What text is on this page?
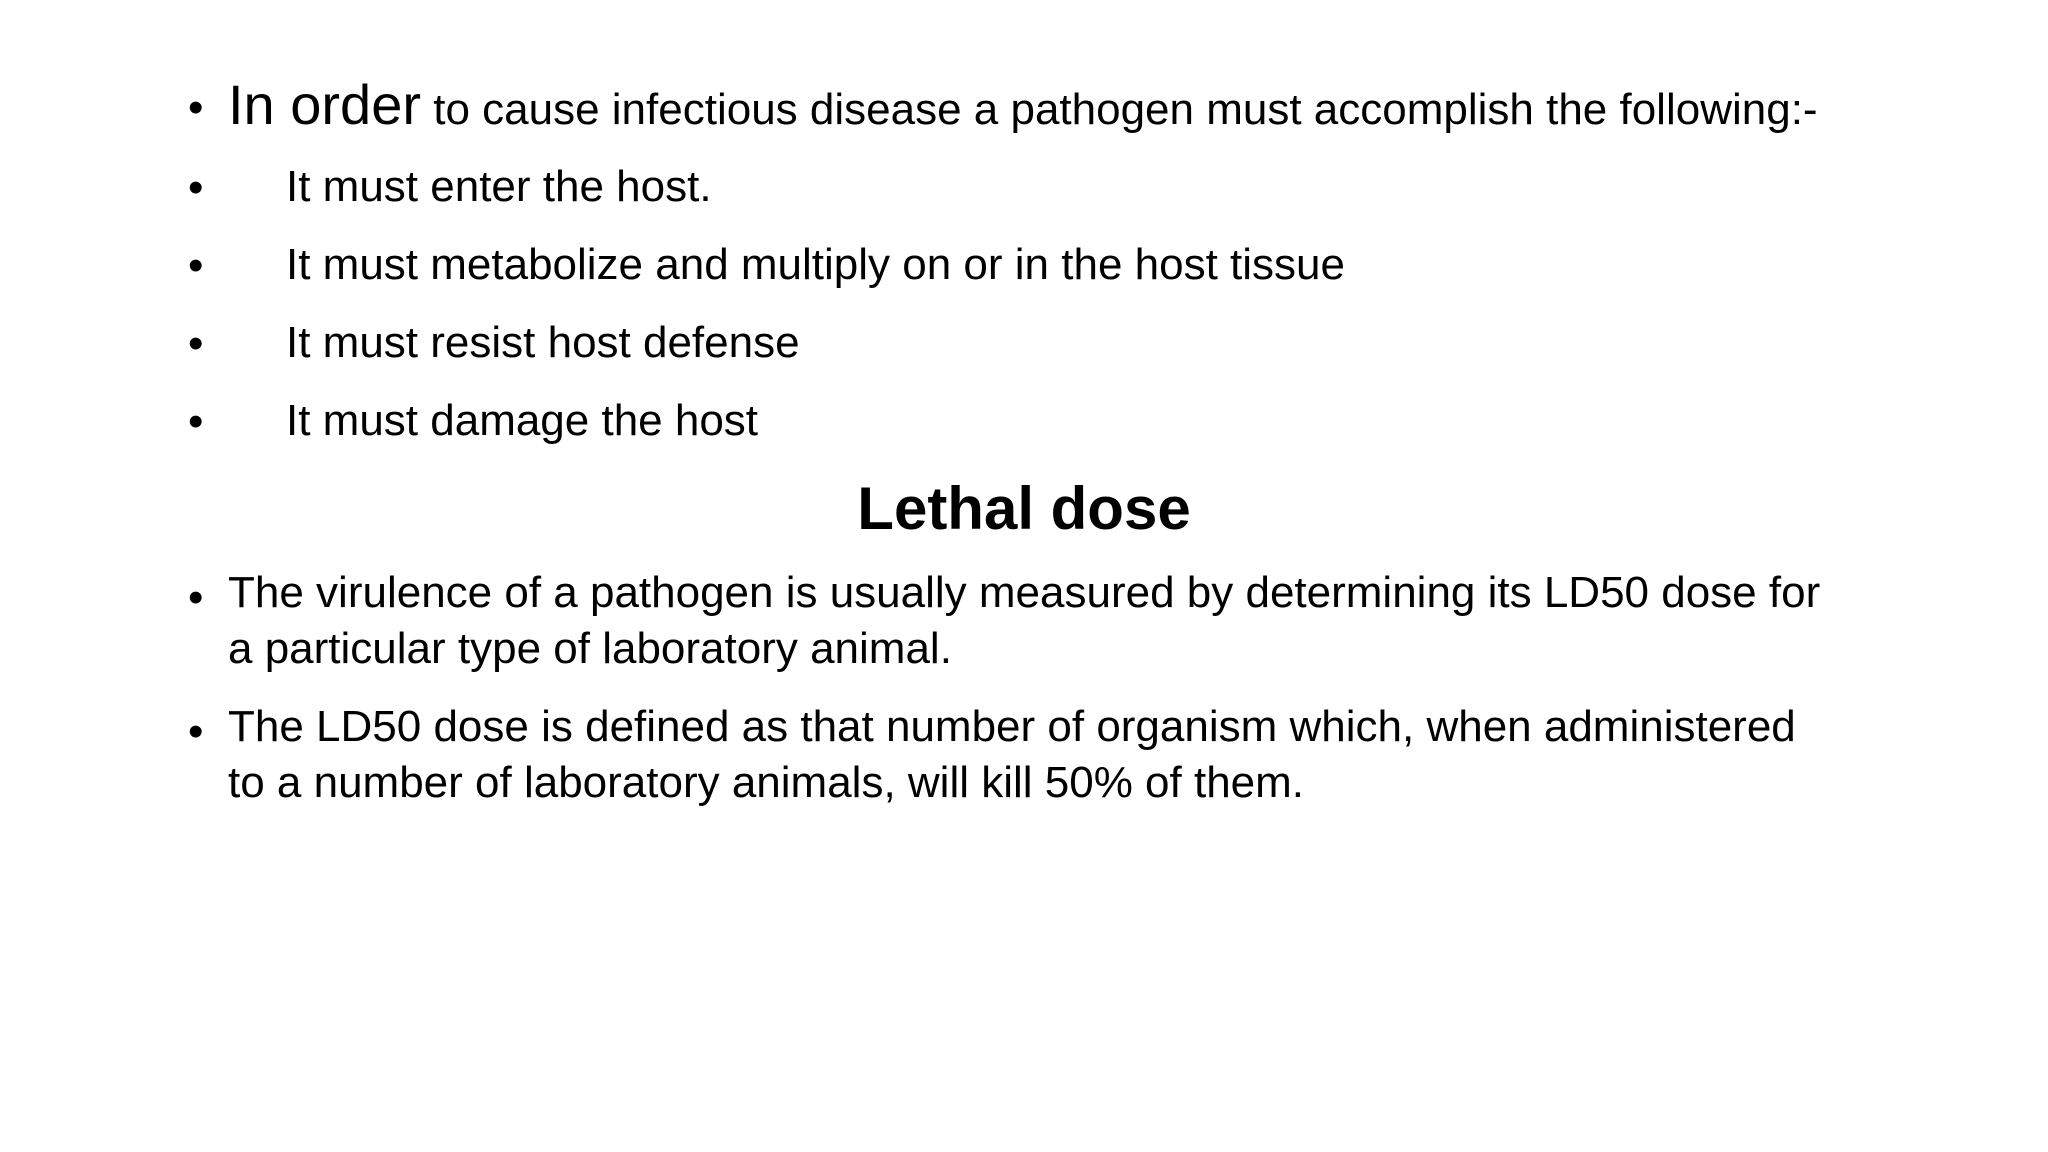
• In order to cause infectious disease a pathogen must accomplish the following:-
• It must enter the host.
• It must metabolize and multiply on or in the host tissue
• It must resist host defense
• It must damage the host
Lethal dose
• The virulence of a pathogen is usually measured by determining its LD50 dose for
a particular type of laboratory animal.
• The LD50 dose is defined as that number of organism which, when administered
to a number of laboratory animals, will kill 50% of them.
